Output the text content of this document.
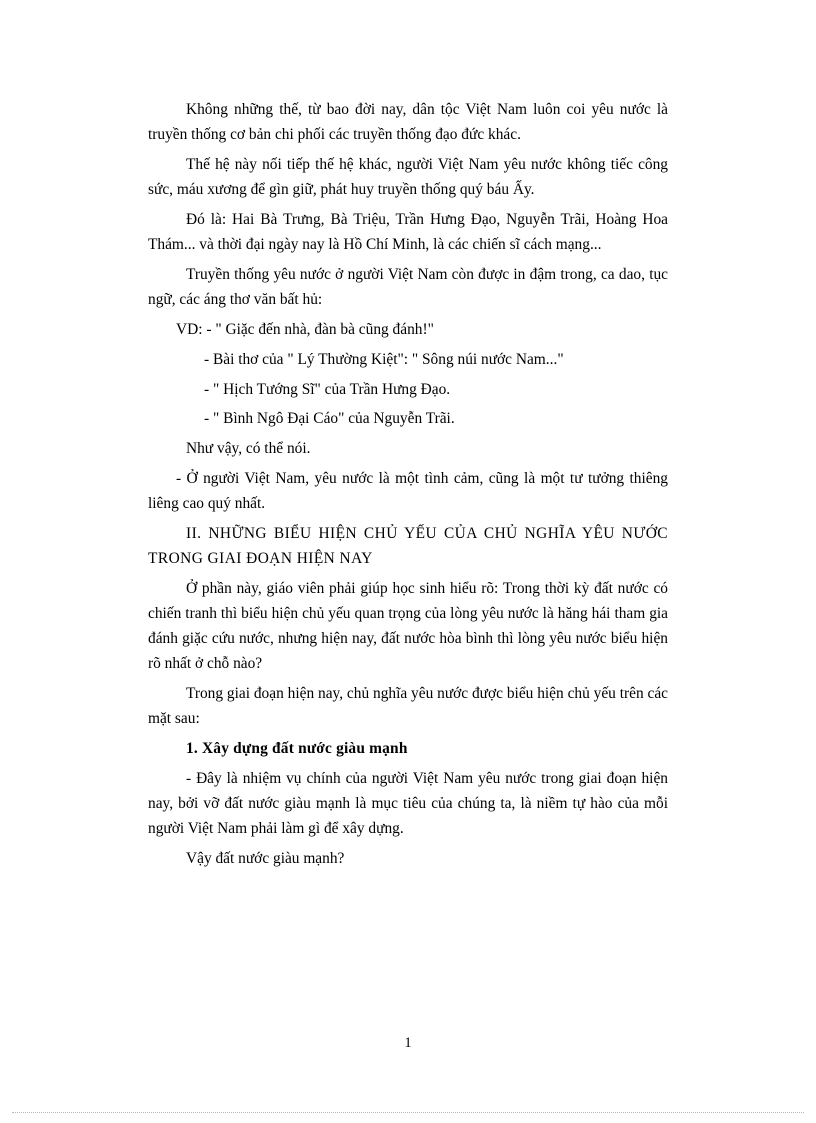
Không những thế, từ bao đời nay, dân tộc Việt Nam luôn coi yêu nước là truyền thống cơ bản chi phối các truyền thống đạo đức khác.

Thế hệ này nối tiếp thế hệ khác, người Việt Nam yêu nước không tiếc công sức, máu xương để gìn giữ, phát huy truyền thống quý báu Ấy.

Đó là: Hai Bà Trưng, Bà Triệu, Trần Hưng Đạo, Nguyễn Trãi, Hoàng Hoa Thám... và thời đại ngày nay là Hồ Chí Minh, là các chiến sĩ cách mạng...

Truyền thống yêu nước ở người Việt Nam còn được in đậm trong, ca dao, tục ngữ, các áng thơ văn bất hủ:

VD: - " Giặc đến nhà, đàn bà cũng đánh!"

- Bài thơ của " Lý Thường Kiệt": " Sông núi nước Nam..."

- " Hịch Tướng Sĩ" của Trần Hưng Đạo.

- " Bình Ngô Đại Cáo" của Nguyễn Trãi.

Như vậy, có thể nói.

- Ở người Việt Nam, yêu nước là một tình cảm, cũng là một tư tưởng thiêng liêng cao quý nhất.

II. NHỮNG BIỂU HIỆN CHỦ YẾU CỦA CHỦ NGHĨA YÊU NƯỚC TRONG GIAI ĐOẠN HIỆN NAY

Ở phần này, giáo viên phải giúp học sinh hiểu rõ: Trong thời kỳ đất nước có chiến tranh thì biểu hiện chủ yếu quan trọng của lòng yêu nước là hăng hái tham gia đánh giặc cứu nước, nhưng hiện nay, đất nước hòa bình thì lòng yêu nước biểu hiện rõ nhất ở chỗ nào?

Trong giai đoạn hiện nay, chủ nghĩa yêu nước được biểu hiện chủ yếu trên các mặt sau:

1. Xây dựng đất nước giàu mạnh

- Đây là nhiệm vụ chính của người Việt Nam yêu nước trong giai đoạn hiện nay, bởi vỡ đất nước giàu mạnh là mục tiêu của chúng ta, là niềm tự hào của mỗi người Việt Nam phải làm gì để xây dựng.

Vậy đất nước giàu mạnh?

1
